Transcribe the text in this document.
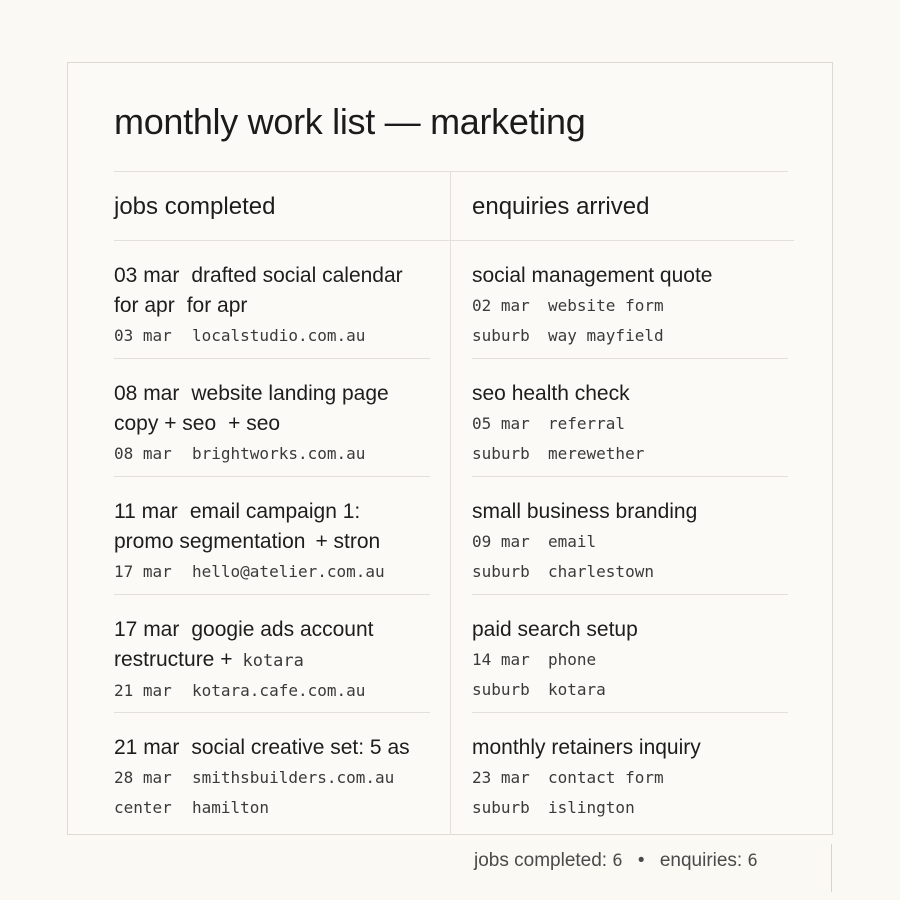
monthly work list — marketing
jobs completed	enquiries arrived
03 mar drafted social calendar
for apr for apr
03 mar localstudio.com.au
08 mar website landing page
copy + seo + seo
08 mar brightworks.com.au
11 mar email campaign 1:
promo segmentation + stron
17 mar hello@atelier.com.au
17 mar googie ads account
restructure + kotara
21 mar kotara.cafe.com.au
21 mar social creative set: 5 as
28 mar smithsbuilders.com.au
center hamilton
social management quote
02 mar website form
suburb way mayfield
seo health check
05 mar referral
suburb merewether
small business branding
09 mar email
suburb charlestown
paid search setup
14 mar phone
suburb kotara
monthly retainers inquiry
23 mar contact form
suburb islington
jobs completed: 6 • enquiries: 6
